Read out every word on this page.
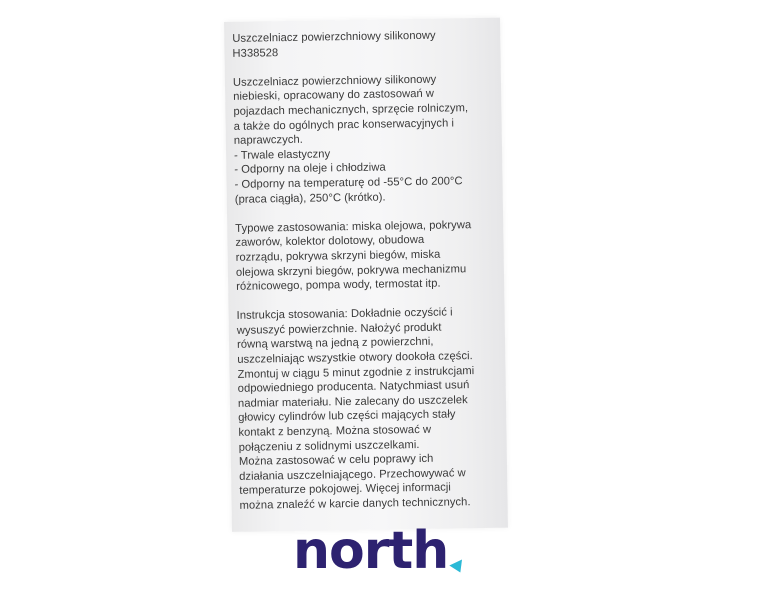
Uszczelniacz powierzchniowy silikonowy

H338528

Uszczelniacz powierzchniowy silikonowy
niebieski, opracowany do zastosowań w
pojazdach mechanicznych, sprzęcie rolniczym,
a także do ogólnych prac konserwacyjnych i
naprawczych.

- Trwale elastyczny

- Odporny na oleje i chłodziwa

- Odporny na temperaturę od -55°C do 200°C
(praca ciągła), 250°C (krótko).

Typowe zastosowania: miska olejowa, pokrywa
zaworów, kolektor dolotowy, obudowa
rozrządu, pokrywa skrzyni biegów, miska
olejowa skrzyni biegów, pokrywa mechanizmu
różnicowego, pompa wody, termostat itp.

Instrukcja stosowania: Dokładnie oczyścić i
wysuszyć powierzchnie. Nałożyć produkt
równą warstwą na jedną z powierzchni,
uszczelniając wszystkie otwory dookoła części.
Zmontuj w ciągu 5 minut zgodnie z instrukcjami
odpowiedniego producenta. Natychmiast usuń
nadmiar materiału. Nie zalecany do uszczelek
głowicy cylindrów lub części mających stały
kontakt z benzyną. Można stosować w
połączeniu z solidnymi uszczelkami.
Można zastosować w celu poprawy ich
działania uszczelniającego. Przechowywać w
temperaturze pokojowej. Więcej informacji
można znaleźć w karcie danych technicznych.

north
